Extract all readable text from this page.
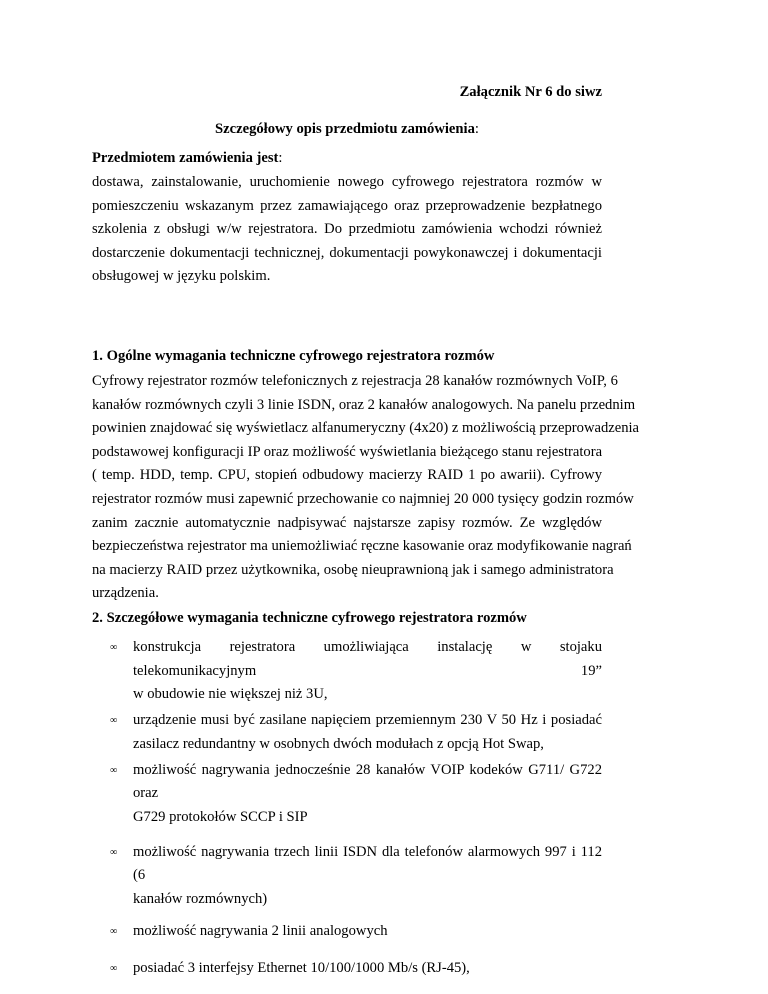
Załącznik Nr 6 do siwz
Szczegółowy opis przedmiotu zamówienia:
Przedmiotem zamówienia jest:
dostawa, zainstalowanie, uruchomienie nowego cyfrowego rejestratora rozmów w
pomieszczeniu wskazanym przez zamawiającego oraz przeprowadzenie bezpłatnego
szkolenia z obsługi w/w rejestratora. Do przedmiotu zamówienia wchodzi również
dostarczenie dokumentacji technicznej, dokumentacji powykonawczej i dokumentacji
obsługowej w języku polskim.
1. Ogólne wymagania techniczne cyfrowego rejestratora rozmów
Cyfrowy rejestrator rozmów telefonicznych z rejestracja 28 kanałów rozmównych VoIP, 6
kanałów rozmównych czyli 3 linie ISDN, oraz 2 kanałów analogowych. Na panelu przednim
powinien znajdować się wyświetlacz alfanumeryczny (4x20) z możliwością przeprowadzenia
podstawowej konfiguracji IP oraz możliwość wyświetlania bieżącego stanu rejestratora
( temp. HDD, temp. CPU, stopień odbudowy macierzy RAID 1 po awarii). Cyfrowy
rejestrator rozmów musi zapewnić przechowanie co najmniej 20 000 tysięcy godzin rozmów
zanim zacznie automatycznie nadpisywać najstarsze zapisy rozmów. Ze względów
bezpieczeństwa rejestrator ma uniemożliwiać ręczne kasowanie oraz modyfikowanie nagrań
na macierzy RAID przez użytkownika, osobę nieuprawnioną jak i samego administratora
urządzenia.
2. Szczegółowe wymagania techniczne cyfrowego rejestratora rozmów
∞ konstrukcja rejestratora umożliwiająca instalację w stojaku telekomunikacyjnym 19”
w obudowie nie większej niż 3U,
∞ urządzenie musi być zasilane napięciem przemiennym 230 V 50 Hz i posiadać
zasilacz redundantny w osobnych dwóch modułach z opcją Hot Swap,
∞ możliwość nagrywania jednocześnie 28 kanałów VOIP kodeków G711/ G722 oraz
G729 protokołów SCCP i SIP
∞ możliwość nagrywania trzech linii ISDN dla telefonów alarmowych 997 i 112 (6
kanałów rozmównych)
∞ możliwość nagrywania 2 linii analogowych
∞ posiadać 3 interfejsy Ethernet 10/100/1000 Mb/s (RJ-45),
